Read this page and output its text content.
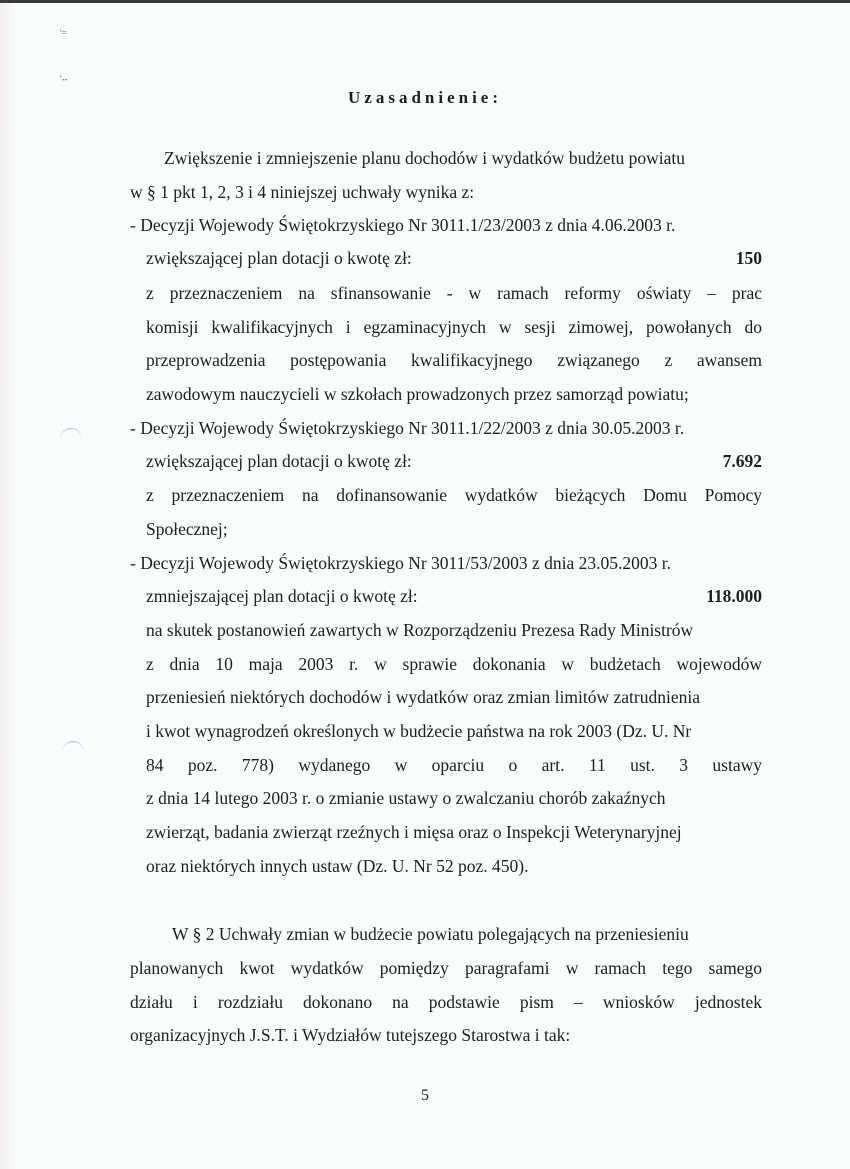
'=
'--
Uzasadnienie:
Zwiększenie i zmniejszenie planu dochodów i wydatków budżetu powiatu
w § 1 pkt 1, 2, 3 i 4 niniejszej uchwały wynika z:
- Decyzji Wojewody Świętokrzyskiego Nr 3011.1/23/2003 z dnia 4.06.2003 r.
zwiększającej plan dotacji o kwotę zł:	150
z przeznaczeniem na sfinansowanie - w ramach reformy oświaty – prac
komisji kwalifikacyjnych i egzaminacyjnych w sesji zimowej, powołanych do
przeprowadzenia postępowania kwalifikacyjnego związanego z awansem
zawodowym nauczycieli w szkołach prowadzonych przez samorząd powiatu;
- Decyzji Wojewody Świętokrzyskiego Nr 3011.1/22/2003 z dnia 30.05.2003 r.
zwiększającej plan dotacji o kwotę zł:	7.692
z przeznaczeniem na dofinansowanie wydatków bieżących Domu Pomocy
Społecznej;
- Decyzji Wojewody Świętokrzyskiego Nr 3011/53/2003 z dnia 23.05.2003 r.
zmniejszającej plan dotacji o kwotę zł:	118.000
na skutek postanowień zawartych w Rozporządzeniu Prezesa Rady Ministrów
z dnia 10 maja 2003 r. w sprawie dokonania w budżetach wojewodów
przeniesień niektórych dochodów i wydatków oraz zmian limitów zatrudnienia
i kwot wynagrodzeń określonych w budżecie państwa na rok 2003 (Dz. U. Nr
84 poz. 778) wydanego w oparciu o art. 11 ust. 3 ustawy
z dnia 14 lutego 2003 r. o zmianie ustawy o zwalczaniu chorób zakaźnych
zwierząt, badania zwierząt rzeźnych i mięsa oraz o Inspekcji Weterynaryjnej
oraz niektórych innych ustaw (Dz. U. Nr 52 poz. 450).
W § 2 Uchwały zmian w budżecie powiatu polegających na przeniesieniu
planowanych kwot wydatków pomiędzy paragrafami w ramach tego samego
działu i rozdziału dokonano na podstawie pism – wniosków jednostek
organizacyjnych J.S.T. i Wydziałów tutejszego Starostwa i tak:
5
